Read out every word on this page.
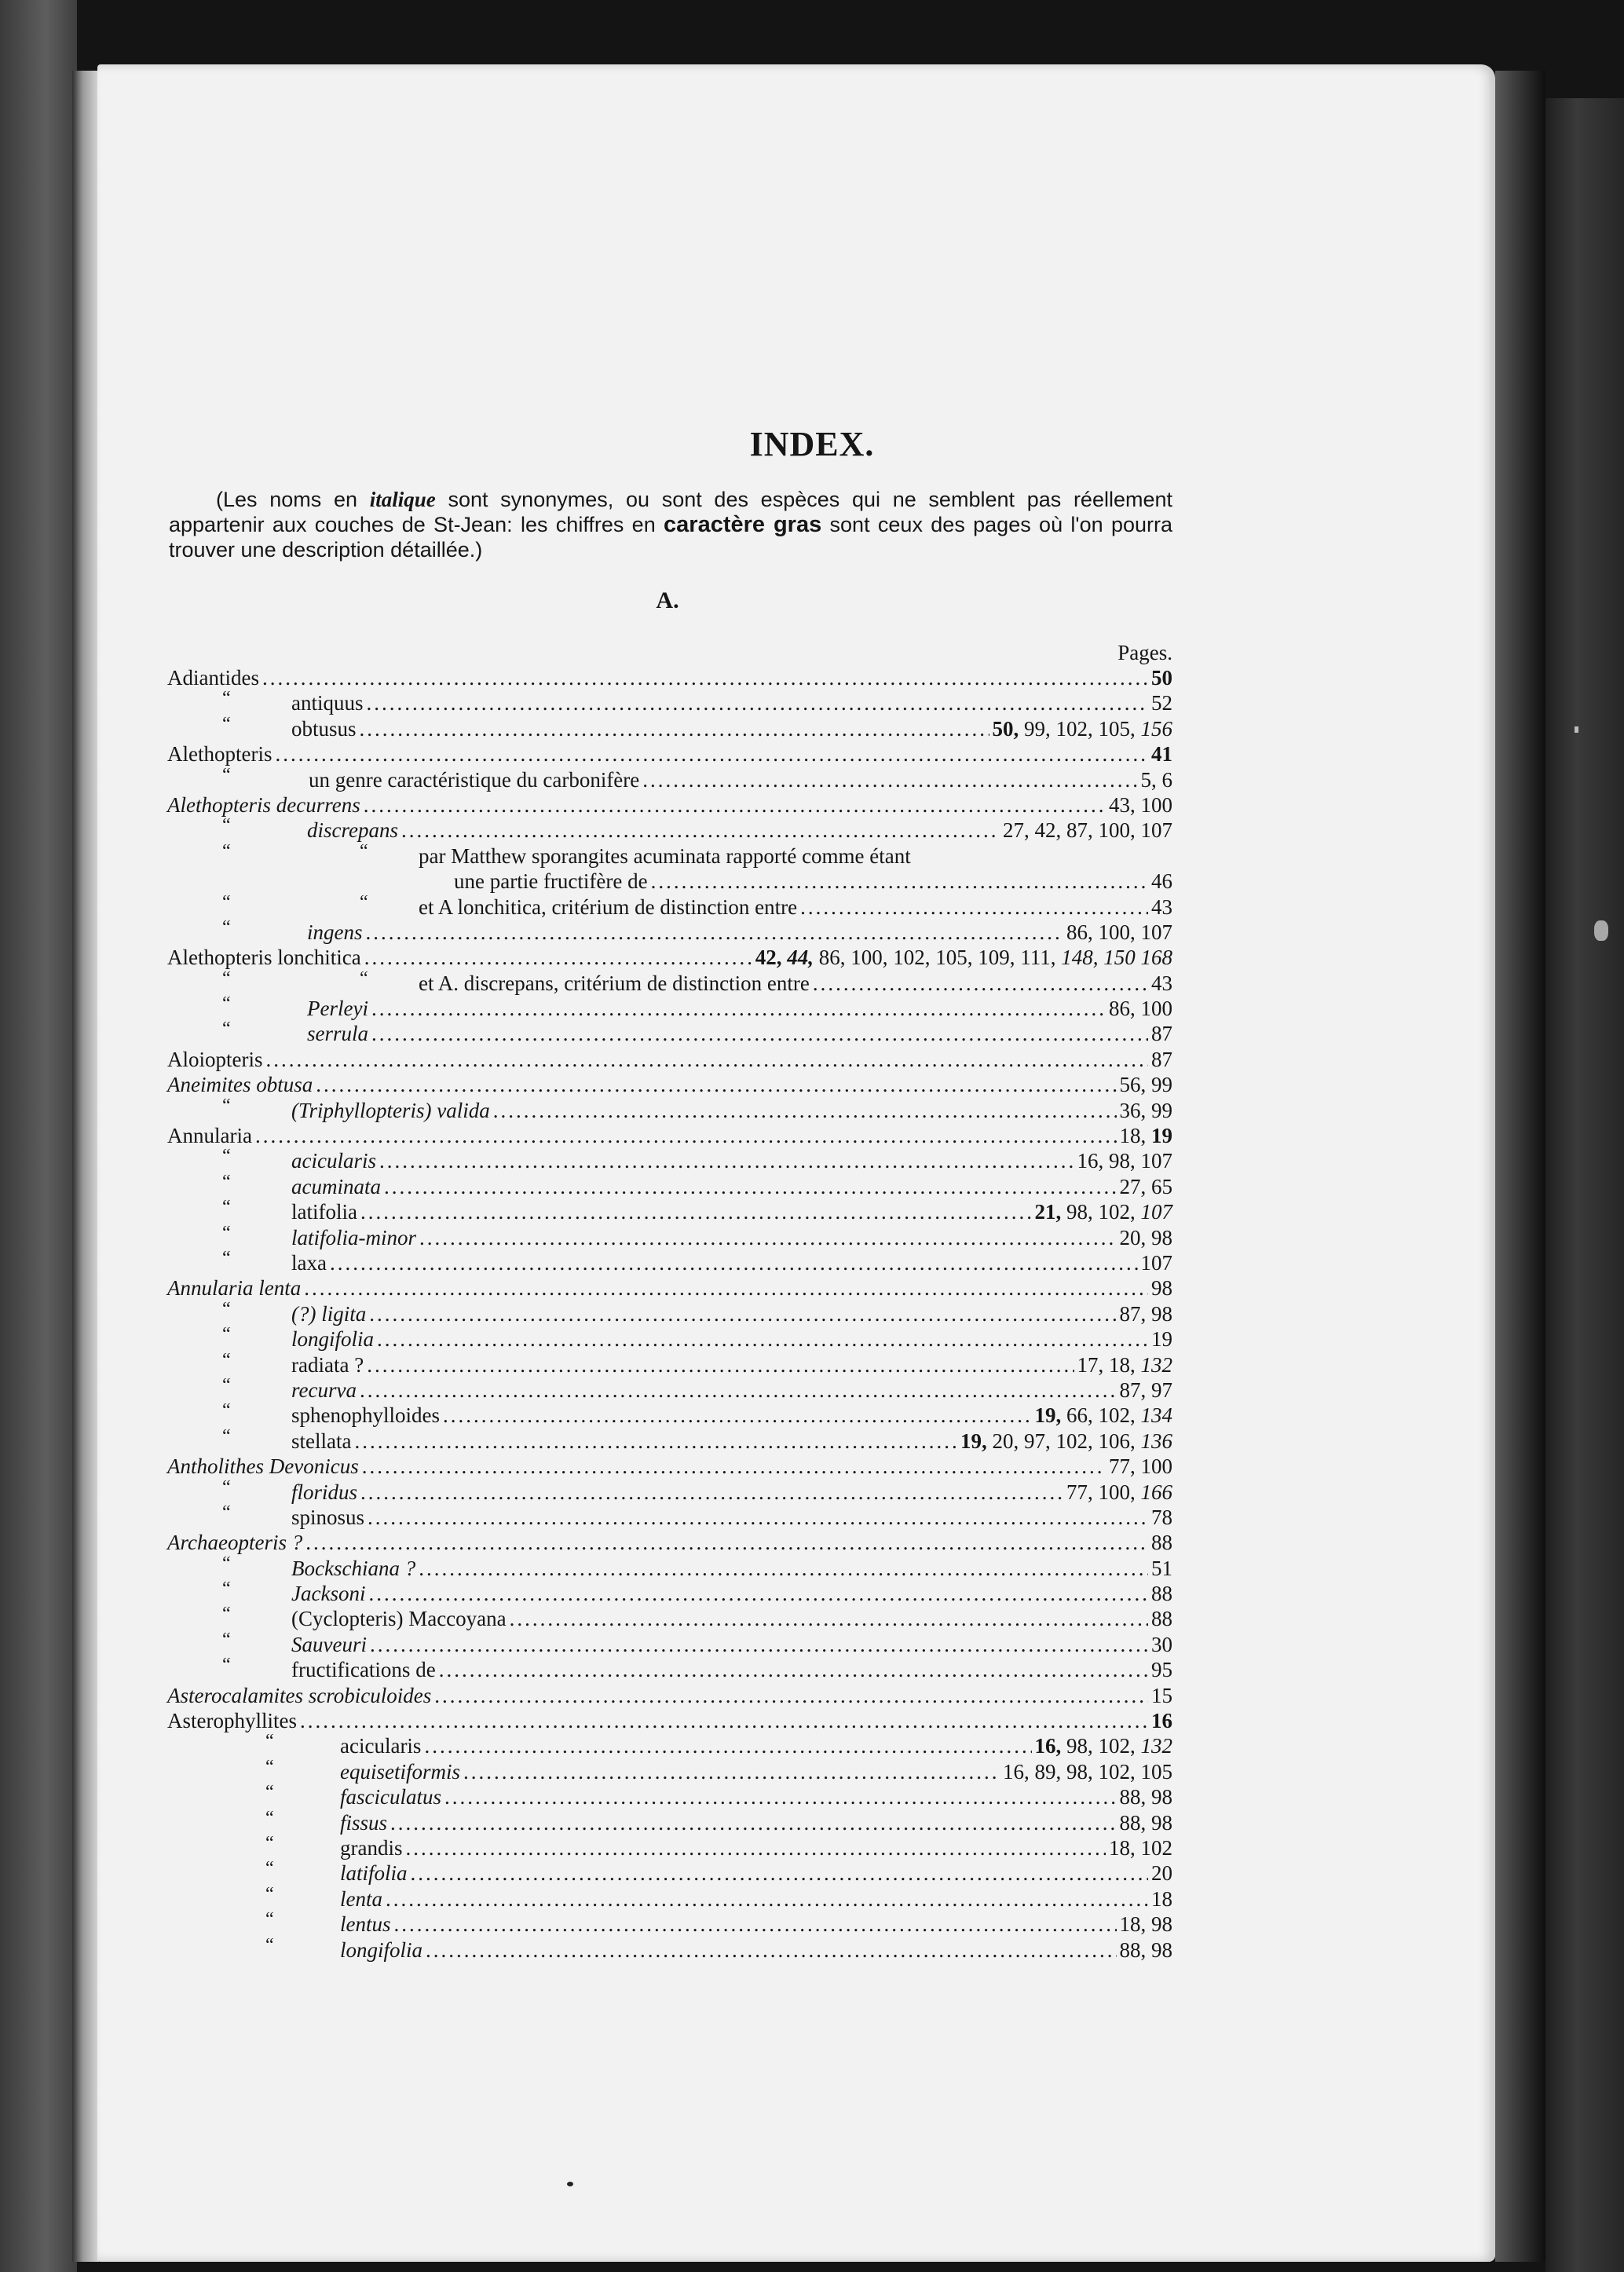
INDEX.
(Les noms en italique sont synonymes, ou sont des espèces qui ne semblent pas réellement appartenir aux couches de St-Jean: les chiffres en caractère gras sont ceux des pages où l'on pourra trouver une description détaillée.)
A.
Pages.
Adiantides .....	50
“	antiquus .....	52
“	obtusus .....	50, 99, 102, 105, 156
Alethopteris .....	41
“	un genre caractéristique du carbonifère .....	5, 6
Alethopteris decurrens .....	43, 100
“	discrepans .....	27, 42, 87, 100, 107
“	“ par Matthew sporangites acuminata rapporté comme étant
une partie fructifère de .....	46
“	“ et A lonchitica, critérium de distinction entre .....	43
“	ingens .....	86, 100, 107
Alethopteris lonchitica .....	42, 44, 86, 100, 102, 105, 109, 111, 148, 150 168
“	“ et A. discrepans, critérium de distinction entre .....	43
“	Perleyi .....	86, 100
“	serrula .....	87
Aloiopteris .....	87
Aneimites obtusa .....	56, 99
“	(Triphyllopteris) valida .....	36, 99
Annularia .....	18, 19
“	acicularis .....	16, 98, 107
“	acuminata .....	27, 65
“	latifolia .....	21, 98, 102, 107
“	latifolia-minor .....	20, 98
“	laxa .....	107
Annularia lenta .....	98
“	(?) ligita .....	87, 98
“	longifolia .....	19
“	radiata ? .....	17, 18, 132
“	recurva .....	87, 97
“	sphenophylloides .....	19, 66, 102, 134
“	stellata .....	19, 20, 97, 102, 106, 136
Antholithes Devonicus .....	77, 100
“	floridus .....	77, 100, 166
“	spinosus .....	78
Archaeopteris ? .....	88
“	Bockschiana ? .....	51
“	Jacksoni .....	88
“	(Cyclopteris) Maccoyana .....	88
“	Sauveuri .....	30
“	fructifications de .....	95
Asterocalamites scrobiculoides .....	15
Asterophyllites .....	16
“	acicularis .....	16, 98, 102, 132
“	equisetiformis .....	16, 89, 98, 102, 105
“	fasciculatus .....	88, 98
“	fissus .....	88, 98
“	grandis .....	18, 102
“	latifolia .....	20
“	lenta .....	18
“	lentus .....	18, 98
“	longifolia .....	88, 98
